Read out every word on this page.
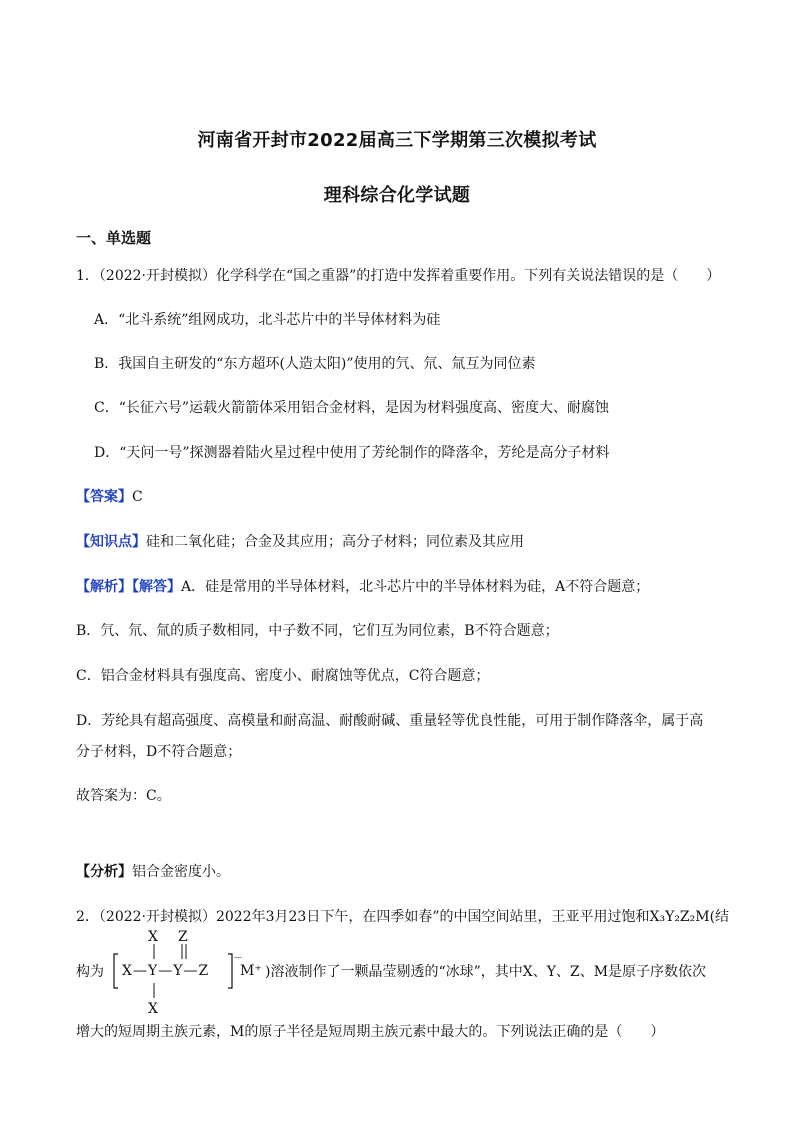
河南省开封市2022届高三下学期第三次模拟考试
理科综合化学试题
一、单选题
1．（2022·开封模拟）化学科学在“国之重器”的打造中发挥着重要作用。下列有关说法错误的是（　　）
A．“北斗系统”组网成功，北斗芯片中的半导体材料为硅
B．我国自主研发的“东方超环(人造太阳)”使用的氕、氘、氚互为同位素
C．“长征六号”运载火箭箭体采用铝合金材料，是因为材料强度高、密度大、耐腐蚀
D．“天问一号”探测器着陆火星过程中使用了芳纶制作的降落伞，芳纶是高分子材料
【答案】C
【知识点】硅和二氧化硅；合金及其应用；高分子材料；同位素及其应用
【解析】【解答】A．硅是常用的半导体材料，北斗芯片中的半导体材料为硅，A不符合题意；
B．氕、氘、氚的质子数相同，中子数不同，它们互为同位素，B不符合题意；
C．铝合金材料具有强度高、密度小、耐腐蚀等优点，C符合题意；
D．芳纶具有超高强度、高模量和耐高温、耐酸耐碱、重量轻等优良性能，可用于制作降落伞，属于高
分子材料，D不符合题意；
故答案为：C。
【分析】铝合金密度小。
2．（2022·开封模拟）2022年3月23日下午，在四季如春”的中国空间站里，王亚平用过饱和X₃Y₂Z₂M(结
构为
X Z
X—Y—Y—Z
－
M⁺
X
)溶液制作了一颗晶莹剔透的“冰球”，其中X、Y、Z、M是原子序数依次
增大的短周期主族元素，M的原子半径是短周期主族元素中最大的。下列说法正确的是（　　）
